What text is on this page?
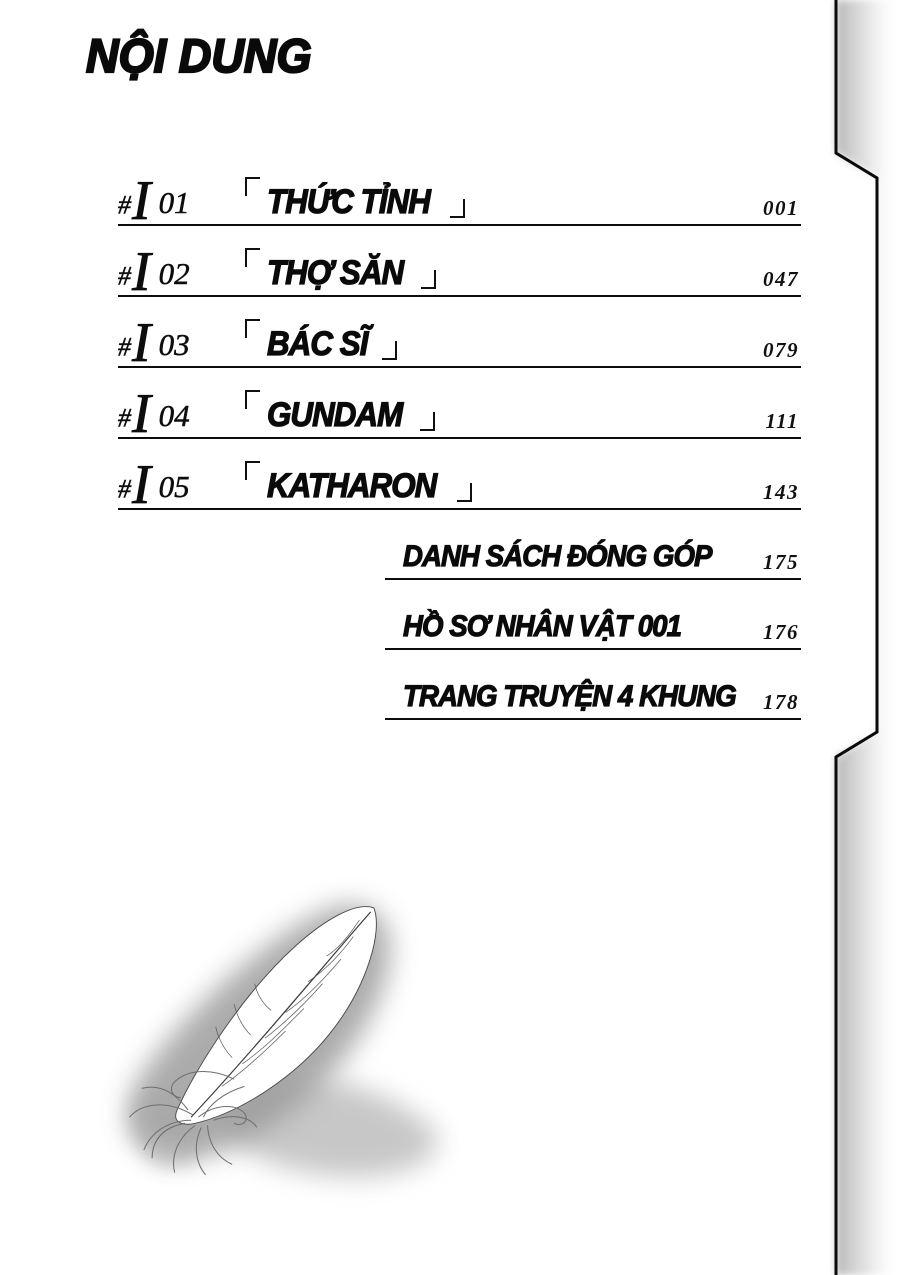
NỘI DUNG
#I 01 THỨC TỈNH	001
#I 02 THỢ SĂN	047
#I 03 BÁC SĨ	079
#I 04 GUNDAM	111
#I 05 KATHARON	143
DANH SÁCH ĐÓNG GÓP 175
HỒ SƠ NHÂN VẬT 001	176
TRANG TRUYỆN 4 KHUNG 178
